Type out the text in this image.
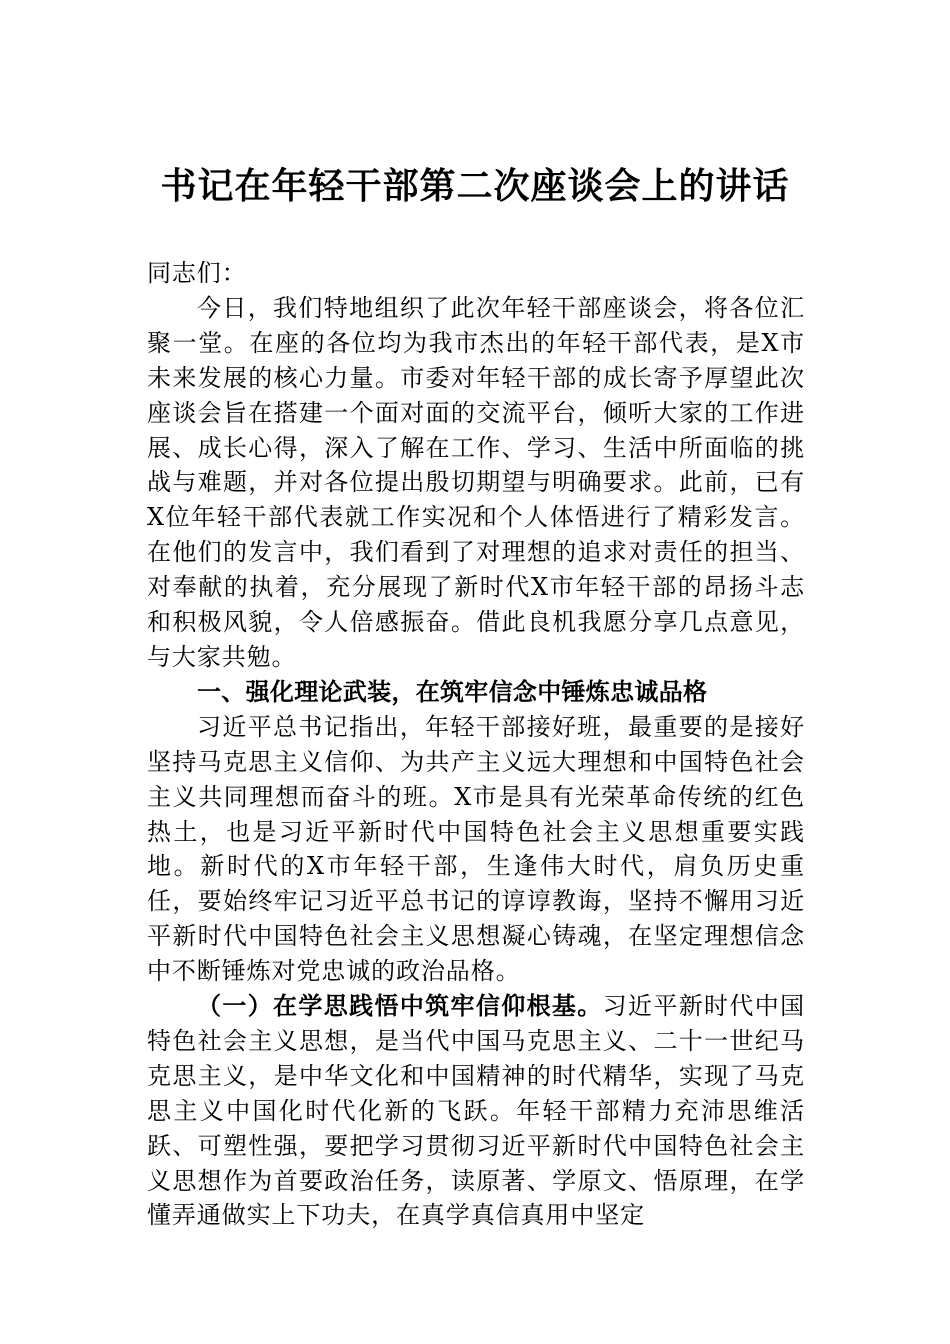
书记在年轻干部第二次座谈会上的讲话

同志们：

今日，我们特地组织了此次年轻干部座谈会，将各位汇聚一堂。在座的各位均为我市杰出的年轻干部代表，是X市未来发展的核心力量。市委对年轻干部的成长寄予厚望此次座谈会旨在搭建一个面对面的交流平台，倾听大家的工作进展、成长心得，深入了解在工作、学习、生活中所面临的挑战与难题，并对各位提出殷切期望与明确要求。此前，已有X位年轻干部代表就工作实况和个人体悟进行了精彩发言。在他们的发言中，我们看到了对理想的追求对责任的担当、对奉献的执着，充分展现了新时代X市年轻干部的昂扬斗志和积极风貌，令人倍感振奋。借此良机我愿分享几点意见，与大家共勉。

一、强化理论武装，在筑牢信念中锤炼忠诚品格

习近平总书记指出，年轻干部接好班，最重要的是接好坚持马克思主义信仰、为共产主义远大理想和中国特色社会主义共同理想而奋斗的班。X市是具有光荣革命传统的红色热土，也是习近平新时代中国特色社会主义思想重要实践地。新时代的X市年轻干部，生逢伟大时代，肩负历史重任，要始终牢记习近平总书记的谆谆教诲，坚持不懈用习近平新时代中国特色社会主义思想凝心铸魂，在坚定理想信念中不断锤炼对党忠诚的政治品格。

（一）在学思践悟中筑牢信仰根基。习近平新时代中国特色社会主义思想，是当代中国马克思主义、二十一世纪马克思主义，是中华文化和中国精神的时代精华，实现了马克思主义中国化时代化新的飞跃。年轻干部精力充沛思维活跃、可塑性强，要把学习贯彻习近平新时代中国特色社会主义思想作为首要政治任务，读原著、学原文、悟原理，在学懂弄通做实上下功夫，在真学真信真用中坚定
